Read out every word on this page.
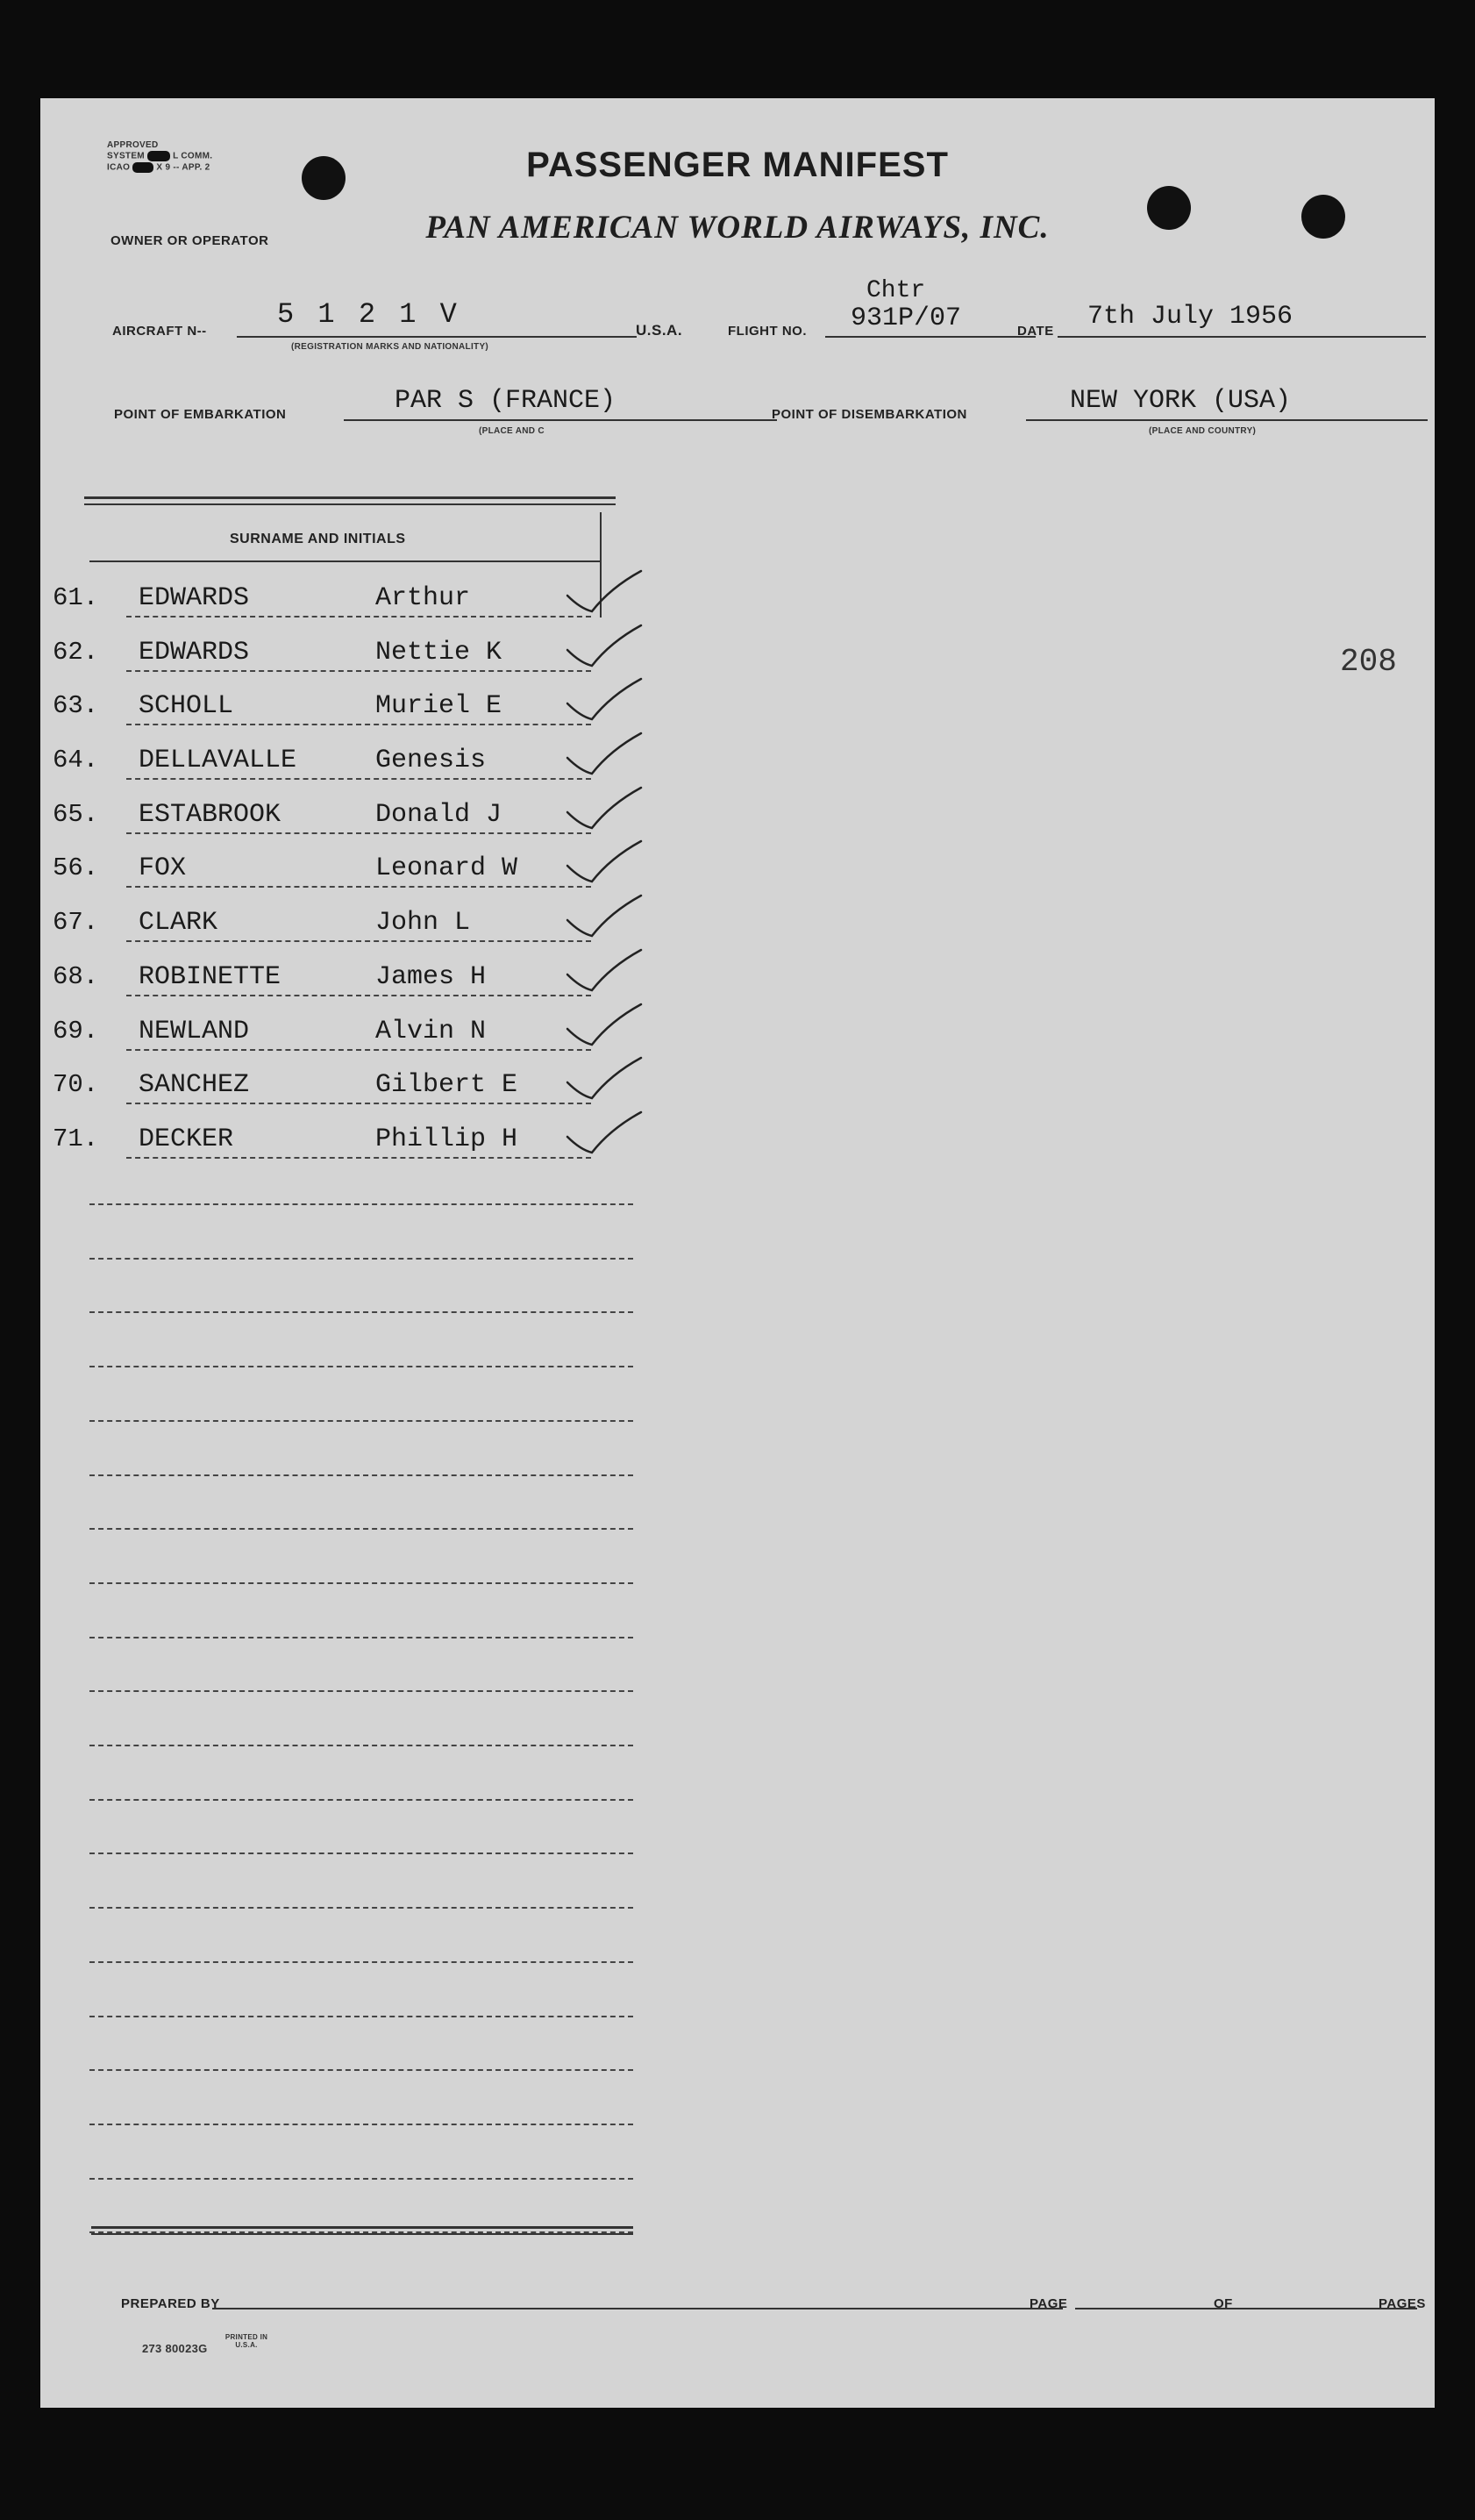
APPROVED
SYSTEM	L COMM.
ICAO	X 9 -- APP. 2	PASSENGER MANIFEST
OWNER OR OPERATOR	PAN AMERICAN WORLD AIRWAYS, INC.
AIRCRAFT N--
5 1 2 1 V
(REGISTRATION MARKS AND NATIONALITY)
U.S.A.	FLIGHT NO.
Chtr
931P/07	DATE 7th July 1956
POINT OF EMBARKATION	PAR S (FRANCE)
(PLACE AND C
POINT OF DISEMBARKATION	NEW YORK (USA)
(PLACE AND COUNTRY)
208
SURNAME AND INITIALS
61. EDWARDS	Arthur
62. EDWARDS	Nettie K
63. SCHOLL	Muriel E
64. DELLAVALLE	Genesis
65. ESTABROOK	Donald J
56. FOX	Leonard W
67. CLARK	John L
68. ROBINETTE	James H
69. NEWLAND	Alvin N
70. SANCHEZ	Gilbert E
71. DECKER	Phillip H
PREPARED BY	PAGE	OF	PAGES
273 80023G
PRINTED IN U.S.A.
